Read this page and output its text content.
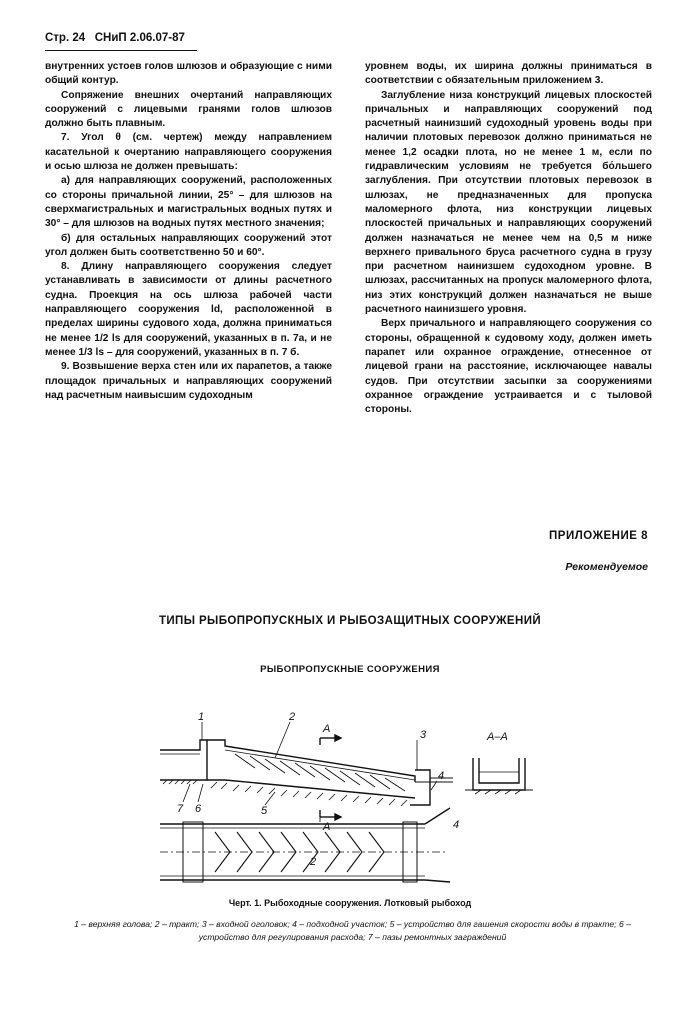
Стр. 24 СНиП 2.06.07-87

внутренних устоев голов шлюзов и образующие с ними общий контур.

Сопряжение внешних очертаний направляющих сооружений с лицевыми гранями голов шлюзов должно быть плавным.

7. Угол θ (см. чертеж) между направлением касательной к очертанию направляющего сооружения и осью шлюза не должен превышать:

а) для направляющих сооружений, расположенных со стороны причальной линии, 25° – для шлюзов на сверхмагистральных и магистральных водных путях и 30° – для шлюзов на водных путях местного значения;

б) для остальных направляющих сооружений этот угол должен быть соответственно 50 и 60°.

8. Длину направляющего сооружения следует устанавливать в зависимости от длины расчетного судна. Проекция на ось шлюза рабочей части направляющего сооружения ld, расположенной в пределах ширины судового хода, должна приниматься не менее 1/2 ls для сооружений, указанных в п. 7а, и не менее 1/3 ls – для сооружений, указанных в п. 7 б.

9. Возвышение верха стен или их парапетов, а также площадок причальных и направляющих сооружений над расчетным наивысшим судоходным

уровнем воды, их ширина должны приниматься в соответствии с обязательным приложением 3.

Заглубление низа конструкций лицевых плоскостей причальных и направляющих сооружений под расчетный наинизший судоходный уровень воды при наличии плотовых перевозок должно приниматься не менее 1,2 осадки плота, но не менее 1 м, если по гидравлическим условиям не требуется бо́льшего заглубления. При отсутствии плотовых перевозок в шлюзах, не предназначенных для пропуска маломерного флота, низ конструкции лицевых плоскостей причальных и направляющих сооружений должен назначаться не менее чем на 0,5 м ниже верхнего привального бруса расчетного судна в грузу при расчетном наинизшем судоходном уровне. В шлюзах, рассчитанных на пропуск маломерного флота, низ этих конструкций должен назначаться не выше расчетного наинизшего уровня.

Верх причального и направляющего сооружения со стороны, обращенной к судовому ходу, должен иметь парапет или охранное ограждение, отнесенное от лицевой грани на расстояние, исключающее навалы судов. При отсутствии засыпки за сооружениями охранное ограждение устраивается и с тыловой стороны.

ПРИЛОЖЕНИЕ 8
Рекомендуемое
ТИПЫ РЫБОПРОПУСКНЫХ И РЫБОЗАЩИТНЫХ СООРУЖЕНИЙ
РЫБОПРОПУСКНЫЕ СООРУЖЕНИЯ
1	2
3
4
5
6
7
А
А
А–А
2
4
Черт. 1. Рыбоходные сооружения. Лотковый рыбоход
1 – верхняя голова; 2 – тракт; 3 – входной оголовок; 4 – подходной участок; 5 – устройство для гашения скорости воды в тракте; 6 – устройство для регулирования расхода; 7 – пазы ремонтных заграждений
